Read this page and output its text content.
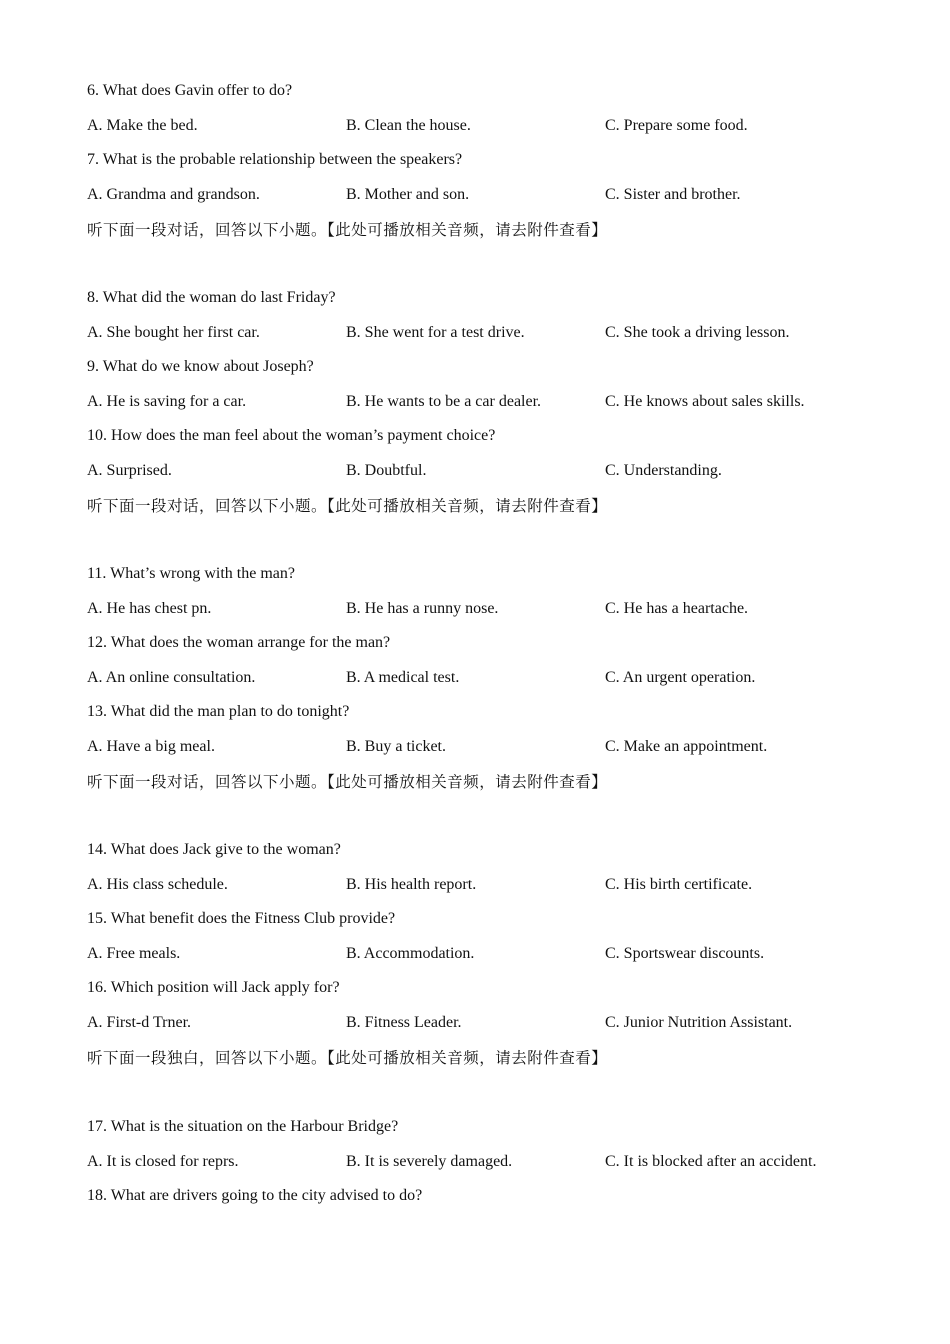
6. What does Gavin offer to do?
A. Make the bed.	B. Clean the house.	C. Prepare some food.
7. What is the probable relationship between the speakers?
A. Grandma and grandson.	B. Mother and son.	C. Sister and brother.
听下面一段对话，回答以下小题。【此处可播放相关音频，请去附件查看】
8. What did the woman do last Friday?
A. She bought her first car.	B. She went for a test drive.	C. She took a driving lesson.
9. What do we know about Joseph?
A. He is saving for a car.	B. He wants to be a car dealer.	C. He knows about sales skills.
10. How does the man feel about the woman’s payment choice?
A. Surprised.	B. Doubtful.	C. Understanding.
听下面一段对话，回答以下小题。【此处可播放相关音频，请去附件查看】
11. What’s wrong with the man?
A. He has chest pn.	B. He has a runny nose.	C. He has a heartache.
12. What does the woman arrange for the man?
A. An online consultation.	B. A medical test.	C. An urgent operation.
13. What did the man plan to do tonight?
A. Have a big meal.	B. Buy a ticket.	C. Make an appointment.
听下面一段对话，回答以下小题。【此处可播放相关音频，请去附件查看】
14. What does Jack give to the woman?
A. His class schedule.	B. His health report.	C. His birth certificate.
15. What benefit does the Fitness Club provide?
A. Free meals.	B. Accommodation.	C. Sportswear discounts.
16. Which position will Jack apply for?
A. First-d Trner.	B. Fitness Leader.	C. Junior Nutrition Assistant.
听下面一段独白，回答以下小题。【此处可播放相关音频，请去附件查看】
17. What is the situation on the Harbour Bridge?
A. It is closed for reprs.	B. It is severely damaged.	C. It is blocked after an accident.
18. What are drivers going to the city advised to do?
